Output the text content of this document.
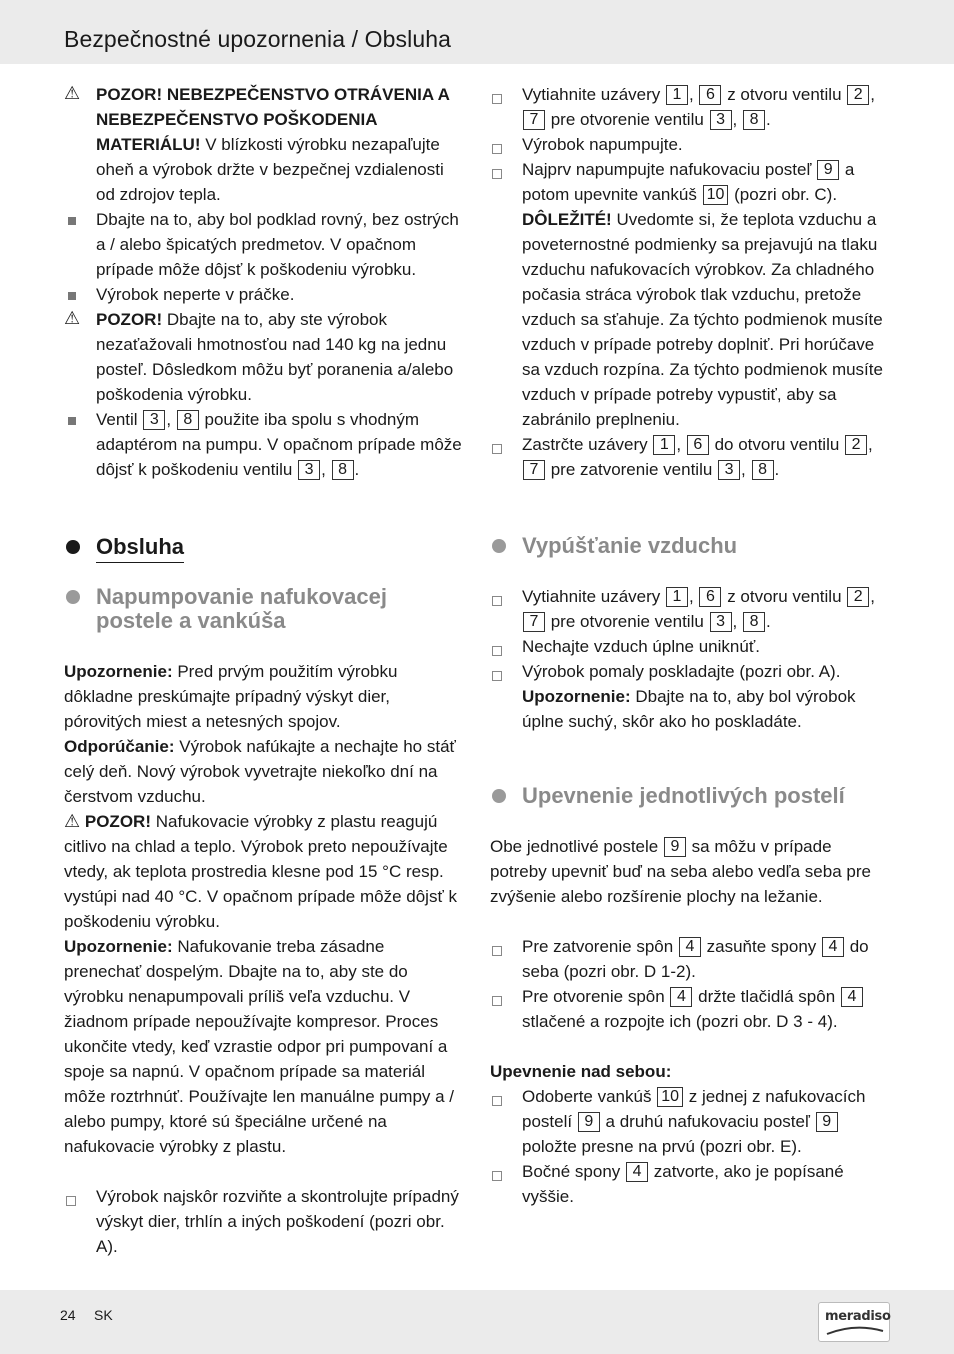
Bezpečnostné upozornenia / Obsluha
⚠ POZOR! NEBEZPEČENSTVO OTRÁVENIA A NEBEZPEČENSTVO POŠKODENIA MATERIÁLU! V blízkosti výrobku nezapaľujte oheň a výrobok držte v bezpečnej vzdialenosti od zdrojov tepla.
Dbajte na to, aby bol podklad rovný, bez ostrých a / alebo špicatých predmetov. V opačnom prípade môže dôjsť k poškodeniu výrobku.
Výrobok neperte v práčke.
⚠ POZOR! Dbajte na to, aby ste výrobok nezaťažovali hmotnosťou nad 140 kg na jednu posteľ. Dôsledkom môžu byť poranenia a/alebo poškodenia výrobku.
Ventil 3 , 8 použite iba spolu s vhodným adaptérom na pumpu. V opačnom prípade môže dôjsť k poškodeniu ventilu 3 , 8 .
Obsluha
Napumpovanie nafukovacej postele a vankúša
Upozornenie: Pred prvým použitím výrobku dôkladne preskúmajte prípadný výskyt dier, pórovitých miest a netesných spojov.
Odporúčanie: Výrobok nafúkajte a nechajte ho stáť celý deň. Nový výrobok vyvetrajte niekoľko dní na čerstvom vzduchu.
⚠ POZOR! Nafukovacie výrobky z plastu reagujú citlivo na chlad a teplo. Výrobok preto nepoužívajte vtedy, ak teplota prostredia klesne pod 15 °C resp. vystúpi nad 40 °C. V opačnom prípade môže dôjsť k poškodeniu výrobku.
Upozornenie: Nafukovanie treba zásadne prenechať dospelým. Dbajte na to, aby ste do výrobku nenapumpovali príliš veľa vzduchu. V žiadnom prípade nepoužívajte kompresor. Proces ukončite vtedy, keď vzrastie odpor pri pumpovaní a spoje sa napnú. V opačnom prípade sa materiál môže roztrhnúť. Používajte len manuálne pumpy a / alebo pumpy, ktoré sú špeciálne určené na nafukovacie výrobky z plastu.
Výrobok najskôr rozviňte a skontrolujte prípadný výskyt dier, trhlín a iných poškodení (pozri obr. A).
Vytiahnite uzávery 1 , 6 z otvoru ventilu 2 , 7 pre otvorenie ventilu 3 , 8 .
Výrobok napumpujte.
Najprv napumpujte nafukovaciu posteľ 9 a potom upevnite vankúš 10 (pozri obr. C).
DÔLEŽITÉ! Uvedomte si, že teplota vzduchu a poveternostné podmienky sa prejavujú na tlaku vzduchu nafukovacích výrobkov. Za chladného počasia stráca výrobok tlak vzduchu, pretože vzduch sa sťahuje. Za týchto podmienok musíte vzduch v prípade potreby doplniť. Pri horúčave sa vzduch rozpína. Za týchto podmienok musíte vzduch v prípade potreby vypustiť, aby sa zabránilo preplneniu.
Zastrčte uzávery 1 , 6 do otvoru ventilu 2 , 7 pre zatvorenie ventilu 3 , 8 .
Vypúšťanie vzduchu
Vytiahnite uzávery 1 , 6 z otvoru ventilu 2 , 7 pre otvorenie ventilu 3 , 8 .
Nechajte vzduch úplne uniknúť.
Výrobok pomaly poskladajte (pozri obr. A).
Upozornenie: Dbajte na to, aby bol výrobok úplne suchý, skôr ako ho poskladáte.
Upevnenie jednotlivých postelí
Obe jednotlivé postele 9 sa môžu v prípade potreby upevniť buď na seba alebo vedľa seba pre zvýšenie alebo rozšírenie plochy na ležanie.
Pre zatvorenie spôn 4 zasuňte spony 4 do seba (pozri obr. D 1-2).
Pre otvorenie spôn 4 držte tlačidlá spôn 4 stlačené a rozpojte ich (pozri obr. D 3 - 4).
Upevnenie nad sebou:
Odoberte vankúš 10 z jednej z nafukovacích postelí 9 a druhú nafukovaciu posteľ 9 položte presne na prvú (pozri obr. E).
Bočné spony 4 zatvorte, ako je popísané vyššie.
24 SK	meradiso
